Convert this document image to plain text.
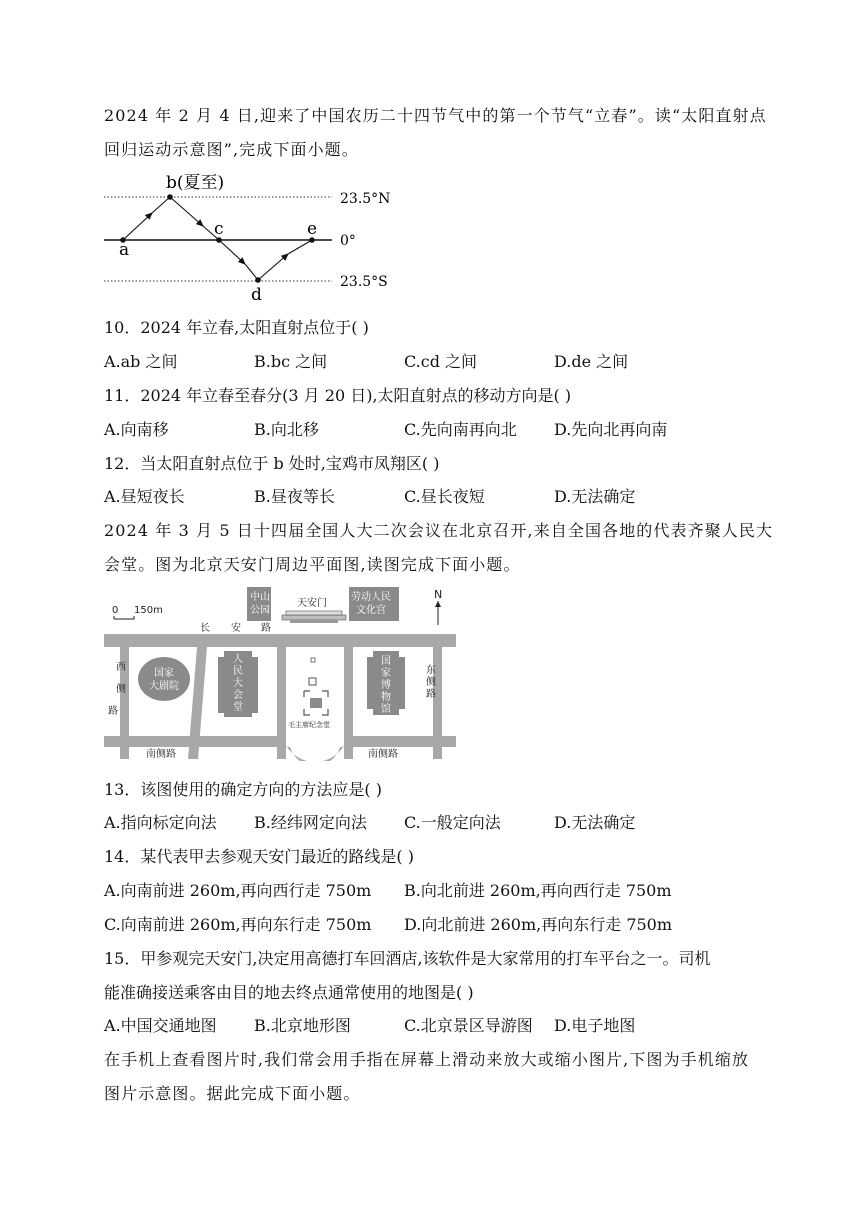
2024 年 2 月 4 日,迎来了中国农历二十四节气中的第一个节气“立春”。读“太阳直射点
回归运动示意图”,完成下面小题。
b(夏至)
a
c
d
e
23.5°N
0°
23.5°S
10．2024 年立春,太阳直射点位于( )
A.ab 之间	B.bc 之间	C.cd 之间	D.de 之间
11．2024 年立春至春分(3 月 20 日),太阳直射点的移动方向是( )
A.向南移	B.向北移	C.先向南再向北 D.先向北再向南
12．当太阳直射点位于 b 处时,宝鸡市凤翔区( )
A.昼短夜长	B.昼夜等长	C.昼长夜短	D.无法确定
2024 年 3 月 5 日十四届全国人大二次会议在北京召开,来自全国各地的代表齐聚人民大
会堂。图为北京天安门周边平面图,读图完成下面小题。
0 150m
中山
公园
天安门
劳动人民
文化宫
N
长 安 路
西
侧
路
东
侧
路
南侧路	南侧路
国家
大剧院
人
民
大
会
堂
毛主席纪念堂
国
家
博
物
馆
13．该图使用的确定方向的方法应是( )
A.指向标定向法 B.经纬网定向法 C.一般定向法	D.无法确定
14．某代表甲去参观天安门最近的路线是( )
A.向南前进 260m,再向西行走 750m B.向北前进 260m,再向西行走 750m
C.向南前进 260m,再向东行走 750m D.向北前进 260m,再向东行走 750m
15．甲参观完天安门,决定用高德打车回酒店,该软件是大家常用的打车平台之一。司机
能准确接送乘客由目的地去终点通常使用的地图是( )
A.中国交通地图 B.北京地形图	C.北京景区导游图 D.电子地图
在手机上查看图片时,我们常会用手指在屏幕上滑动来放大或缩小图片,下图为手机缩放
图片示意图。据此完成下面小题。
